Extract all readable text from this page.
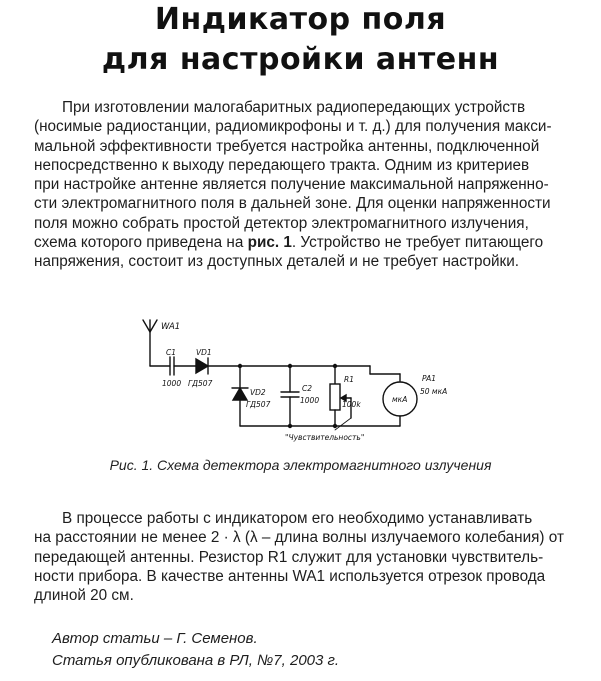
Индикатор поля
для настройки антенн
При изготовлении малогабаритных радиопередающих устройств
(носимые радиостанции, радиомикрофоны и т. д.) для получения макси-
мальной эффективности требуется настройка антенны, подключенной
непосредственно к выходу передающего тракта. Одним из критериев
при настройке антенне является получение максимальной напряженно-
сти электромагнитного поля в дальней зоне. Для оценки напряженности
поля можно собрать простой детектор электромагнитного излучения,
схема которого приведена на рис. 1. Устройство не требует питающего
напряжения, состоит из доступных деталей и не требует настройки.
WA1
C1
1000
VD1
ГД507
VD2
ГД507
C2
1000
R1
100k
мкА
PA1
50 мкА
"Чувствительность"
Рис. 1. Схема детектора электромагнитного излучения
В процессе работы с индикатором его необходимо устанавливать
на расстоянии не менее 2 · λ (λ – длина волны излучаемого колебания) от
передающей антенны. Резистор R1 служит для установки чувствитель-
ности прибора. В качестве антенны WA1 используется отрезок провода
длиной 20 см.
Автор статьи – Г. Семенов.
Статья опубликована в РЛ, №7, 2003 г.
